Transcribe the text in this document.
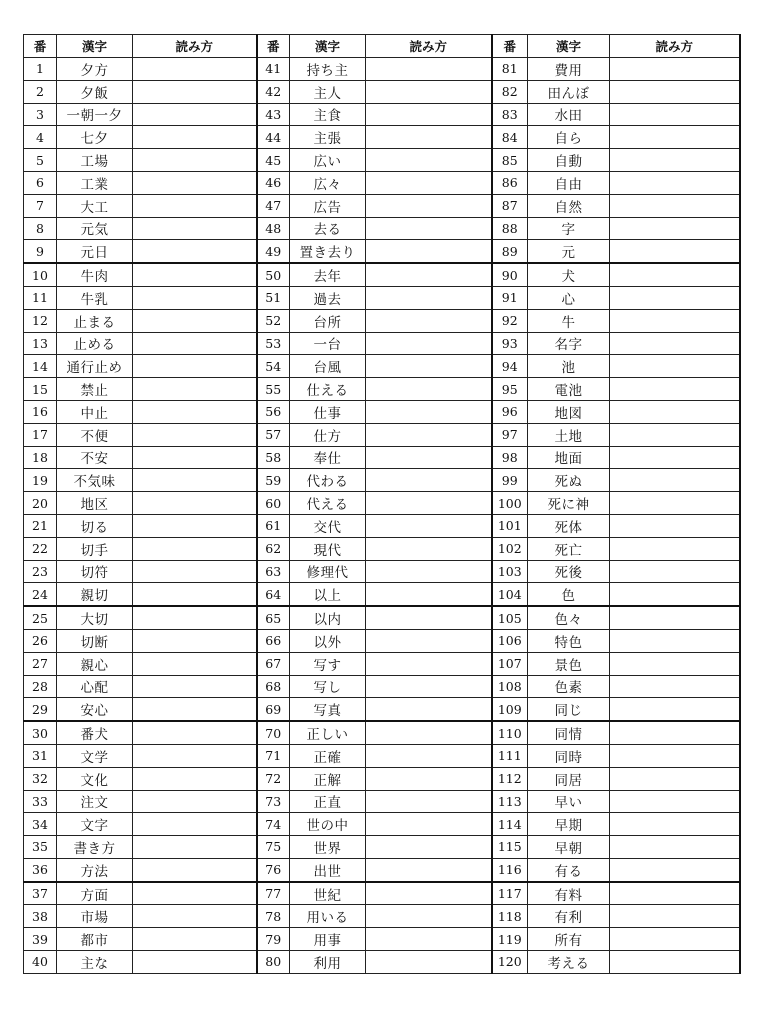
番	漢字	読み方	番	漢字	読み方	番	漢字	読み方
1	夕方		41	持ち主		81	費用	
2	夕飯		42	主人		82	田んぼ	
3	一朝一夕		43	主食		83	水田	
4	七夕		44	主張		84	自ら	
5	工場		45	広い		85	自動	
6	工業		46	広々		86	自由	
7	大工		47	広告		87	自然	
8	元気		48	去る		88	字	
9	元日		49	置き去り		89	元	
10	牛肉		50	去年		90	犬	
11	牛乳		51	過去		91	心	
12	止まる		52	台所		92	牛	
13	止める		53	一台		93	名字	
14	通行止め		54	台風		94	池	
15	禁止		55	仕える		95	電池	
16	中止		56	仕事		96	地図	
17	不便		57	仕方		97	土地	
18	不安		58	奉仕		98	地面	
19	不気味		59	代わる		99	死ぬ	
20	地区		60	代える		100	死に神	
21	切る		61	交代		101	死体	
22	切手		62	現代		102	死亡	
23	切符		63	修理代		103	死後	
24	親切		64	以上		104	色	
25	大切		65	以内		105	色々	
26	切断		66	以外		106	特色	
27	親心		67	写す		107	景色	
28	心配		68	写し		108	色素	
29	安心		69	写真		109	同じ	
30	番犬		70	正しい		110	同情	
31	文学		71	正確		111	同時	
32	文化		72	正解		112	同居	
33	注文		73	正直		113	早い	
34	文字		74	世の中		114	早期	
35	書き方		75	世界		115	早朝	
36	方法		76	出世		116	有る	
37	方面		77	世紀		117	有料	
38	市場		78	用いる		118	有利	
39	都市		79	用事		119	所有	
40	主な		80	利用		120	考える	
